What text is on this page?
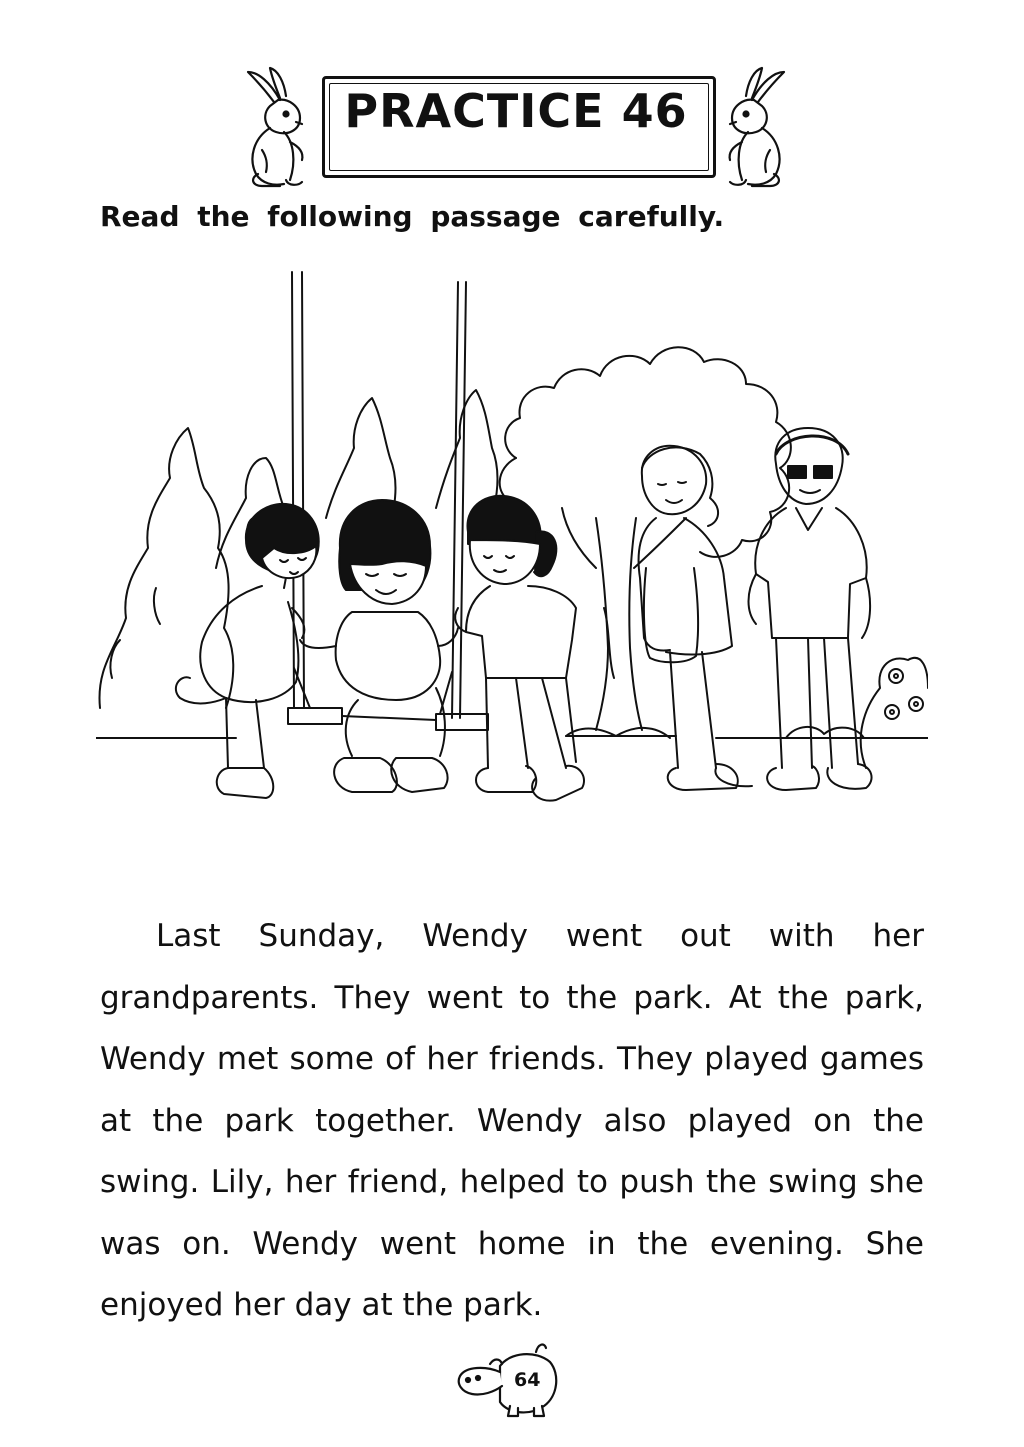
PRACTICE 46
Read the following passage carefully.

Last Sunday, Wendy went out with her grandparents. They went to the park. At the park, Wendy met some of her friends. They played games at the park together. Wendy also played on the swing. Lily, her friend, helped to push the swing she was on. Wendy went home in the evening. She enjoyed her day at the park.

64
